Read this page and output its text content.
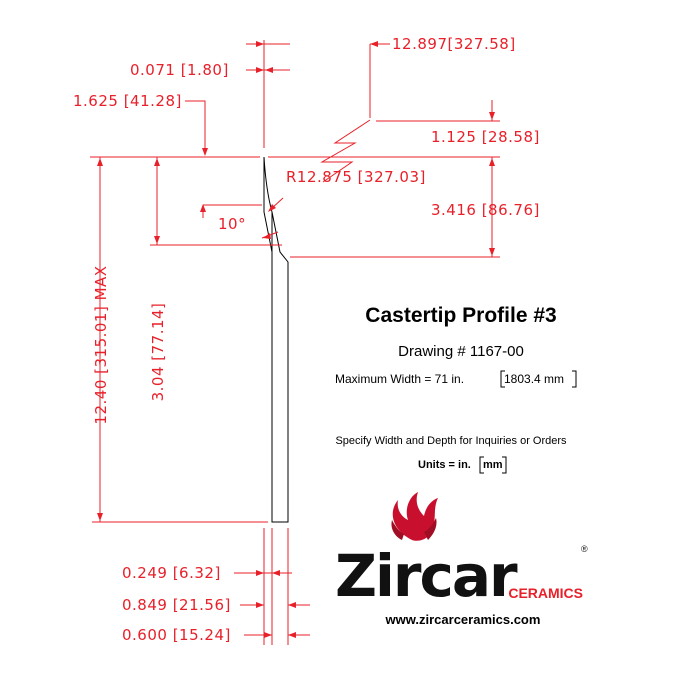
12.897[327.58]
0.071 [1.80]
1.625 [41.28]
1.125 [28.58]
R12.875 [327.03]
3.416 [86.76]
10°
3.04 [77.14]
12.40 [315.01] MAX
0.249 [6.32]
0.849 [21.56]
0.600 [15.24]
Castertip Profile #3
Drawing # 1167-00
Maximum Width = 71 in.	1803.4 mm
Specify Width and Depth for Inquiries or Orders
Units = in. mm
Zircar	®
CERAMICS
www.zircarceramics.com
